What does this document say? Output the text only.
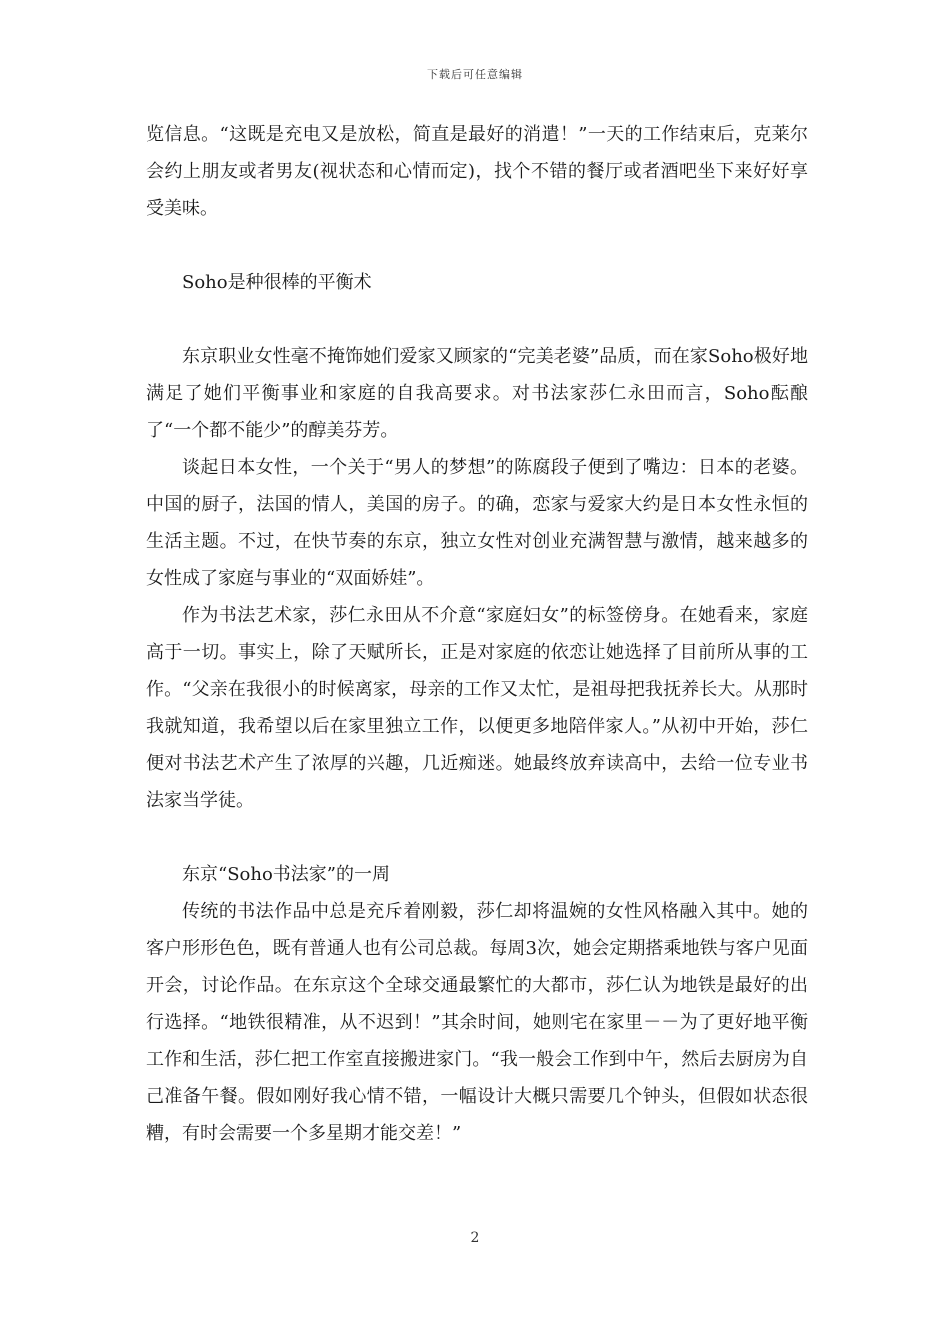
下载后可任意编辑

览信息。“这既是充电又是放松，简直是最好的消遣！”一天的工作结束后，克莱尔会约上朋友或者男友(视状态和心情而定)，找个不错的餐厅或者酒吧坐下来好好享受美味。

Soho是种很棒的平衡术

东京职业女性毫不掩饰她们爱家又顾家的“完美老婆”品质，而在家Soho极好地满足了她们平衡事业和家庭的自我高要求。对书法家莎仁永田而言，Soho酝酿了“一个都不能少”的醇美芬芳。

谈起日本女性，一个关于“男人的梦想”的陈腐段子便到了嘴边：日本的老婆。中国的厨子，法国的情人，美国的房子。的确，恋家与爱家大约是日本女性永恒的生活主题。不过，在快节奏的东京，独立女性对创业充满智慧与激情，越来越多的女性成了家庭与事业的“双面娇娃”。

作为书法艺术家，莎仁永田从不介意“家庭妇女”的标签傍身。在她看来，家庭高于一切。事实上，除了天赋所长，正是对家庭的依恋让她选择了目前所从事的工作。“父亲在我很小的时候离家，母亲的工作又太忙，是祖母把我抚养长大。从那时我就知道，我希望以后在家里独立工作，以便更多地陪伴家人。”从初中开始，莎仁便对书法艺术产生了浓厚的兴趣，几近痴迷。她最终放弃读高中，去给一位专业书法家当学徒。

东京“Soho书法家”的一周

传统的书法作品中总是充斥着刚毅，莎仁却将温婉的女性风格融入其中。她的客户形形色色，既有普通人也有公司总裁。每周3次，她会定期搭乘地铁与客户见面开会，讨论作品。在东京这个全球交通最繁忙的大都市，莎仁认为地铁是最好的出行选择。“地铁很精准，从不迟到！”其余时间，她则宅在家里－－为了更好地平衡工作和生活，莎仁把工作室直接搬进家门。“我一般会工作到中午，然后去厨房为自己准备午餐。假如刚好我心情不错，一幅设计大概只需要几个钟头，但假如状态很糟，有时会需要一个多星期才能交差！”

2
